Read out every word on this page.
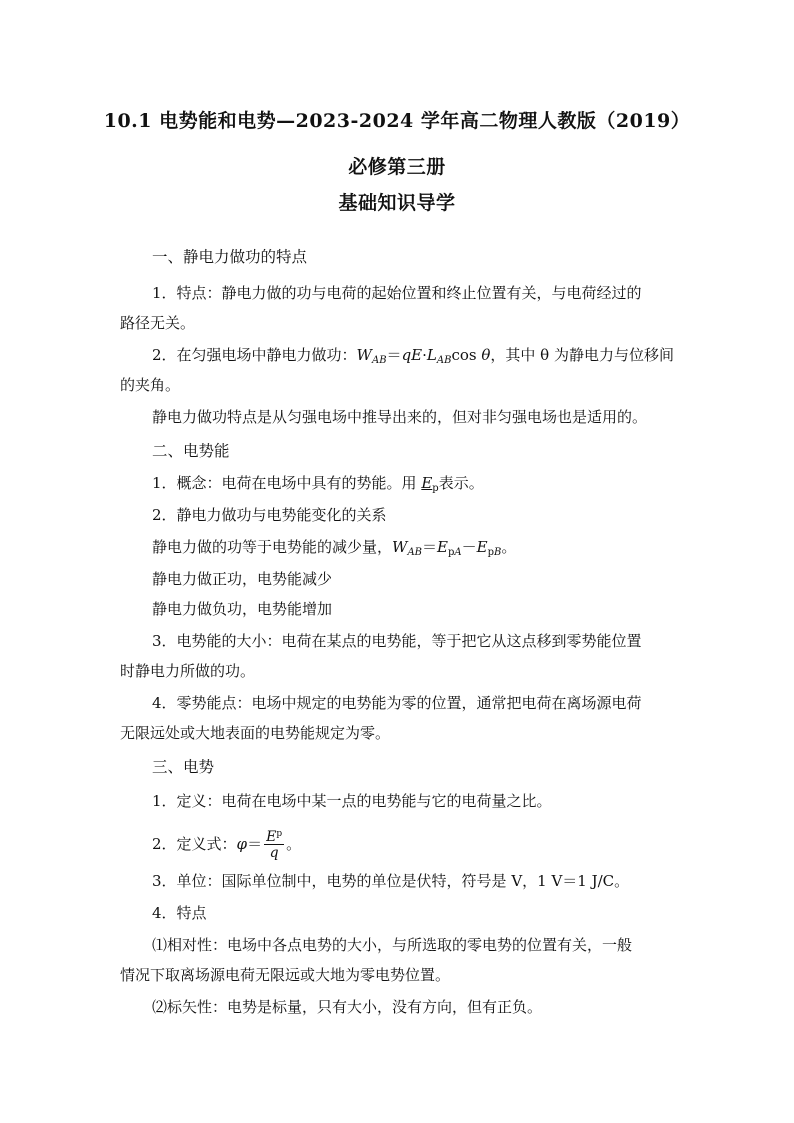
10.1 电势能和电势—2023-2024 学年高二物理人教版（2019）
必修第三册
基础知识导学
一、静电力做功的特点
1．特点：静电力做的功与电荷的起始位置和终止位置有关，与电荷经过的
路径无关。
2．在匀强电场中静电力做功：$W_{AB}=qE\cdot L_{AB}\cos$ θ，其中 θ 为静电力与位移间
的夹角。
静电力做功特点是从匀强电场中推导出来的，但对非匀强电场也是适用的。
二、电势能
1．概念：电荷在电场中具有的势能。用 $E_p$表示。
2．静电力做功与电势能变化的关系
静电力做的功等于电势能的减少量，$W_{AB}=E_{pA}-E_{pB}$。
静电力做正功，电势能减少
静电力做负功，电势能增加
3．电势能的大小：电荷在某点的电势能，等于把它从这点移到零势能位置
时静电力所做的功。
4．零势能点：电场中规定的电势能为零的位置，通常把电荷在离场源电荷
无限远处或大地表面的电势能规定为零。
三、电势
1．定义：电荷在电场中某一点的电势能与它的电荷量之比。
2．定义式：$\varphi= \frac{E^p}{q}$ 。
3．单位：国际单位制中，电势的单位是伏特，符号是 V，1 V＝1 J/C。
4．特点
⑴相对性：电场中各点电势的大小，与所选取的零电势的位置有关，一般
情况下取离场源电荷无限远或大地为零电势位置。
⑵标矢性：电势是标量，只有大小，没有方向，但有正负。
